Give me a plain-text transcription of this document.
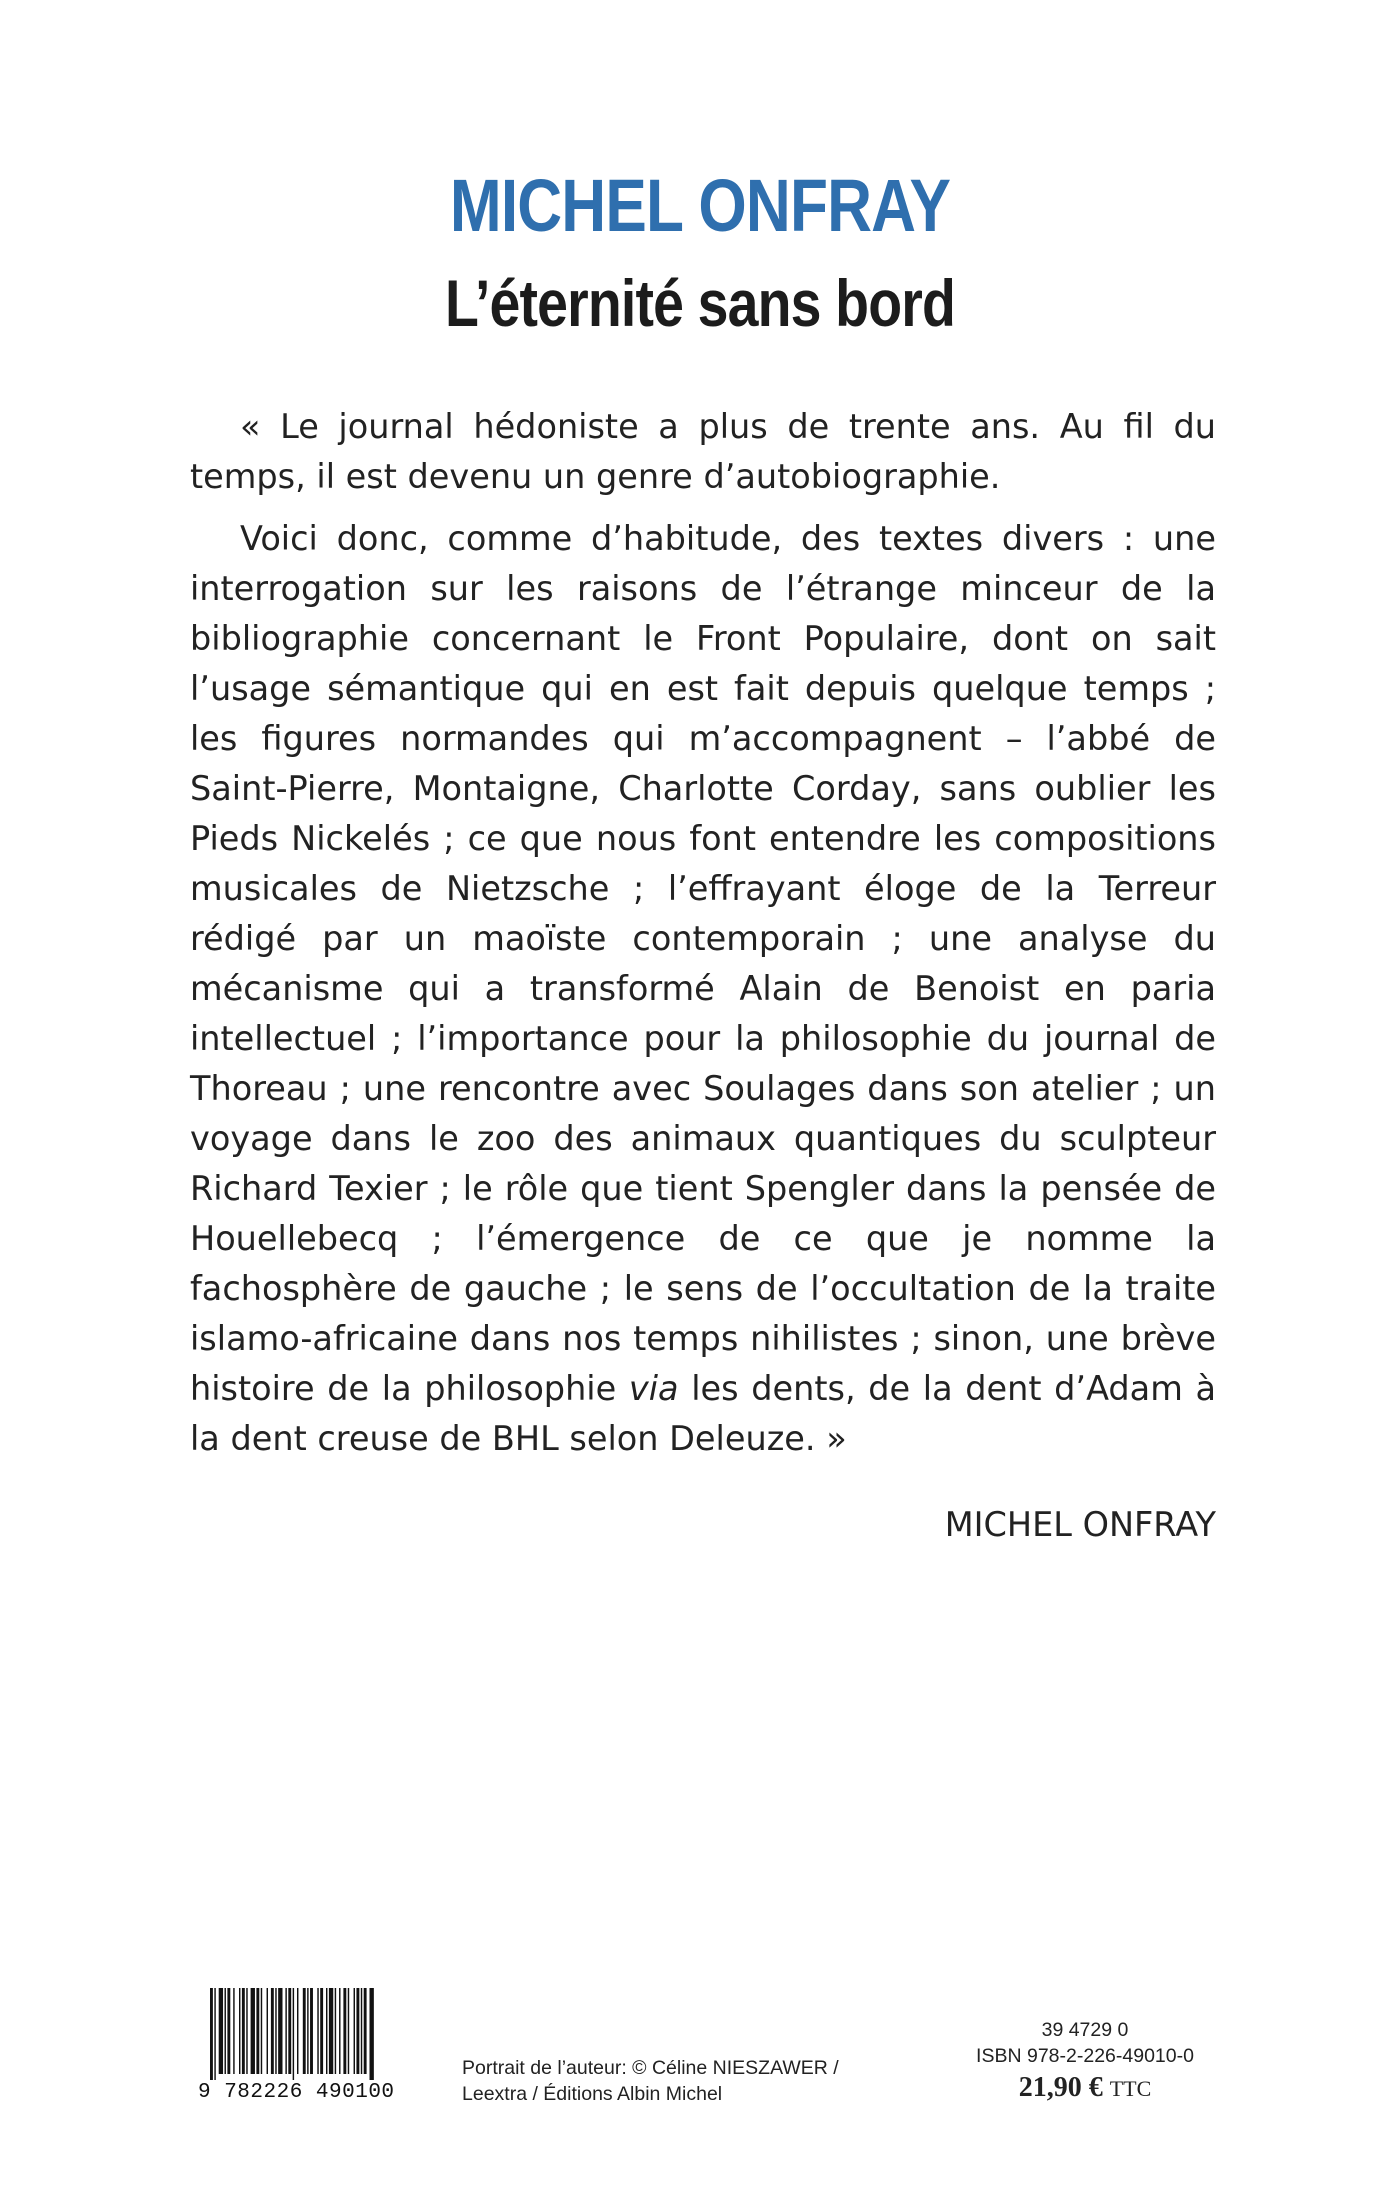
MICHEL ONFRAY
L’éternité sans bord

« Le journal hédoniste a plus de trente ans. Au fil du temps, il est devenu un genre d’autobiographie.

Voici donc, comme d’habitude, des textes divers : une interrogation sur les raisons de l’étrange minceur de la bibliographie concernant le Front Populaire, dont on sait l’usage sémantique qui en est fait depuis quelque temps ; les figures normandes qui m’accompagnent – l’abbé de Saint-Pierre, Montaigne, Charlotte Corday, sans oublier les Pieds Nickelés ; ce que nous font entendre les compositions musicales de Nietzsche ; l’effrayant éloge de la Terreur rédigé par un maoïste contemporain ; une analyse du mécanisme qui a transformé Alain de Benoist en paria intellectuel ; l’importance pour la philosophie du journal de Thoreau ; une rencontre avec Soulages dans son atelier ; un voyage dans le zoo des animaux quantiques du sculpteur Richard Texier ; le rôle que tient Spengler dans la pensée de Houellebecq ; l’émergence de ce que je nomme la fachosphère de gauche ; le sens de l’occultation de la traite islamo-africaine dans nos temps nihilistes ; sinon, une brève histoire de la philosophie via les dents, de la dent d’Adam à la dent creuse de BHL selon Deleuze. »

MICHEL ONFRAY
9 782226 490100
Portrait de l’auteur: © Céline NIESZAWER /
Leextra / Éditions Albin Michel
39 4729 0
ISBN 978-2-226-49010-0
21,90 € TTC
